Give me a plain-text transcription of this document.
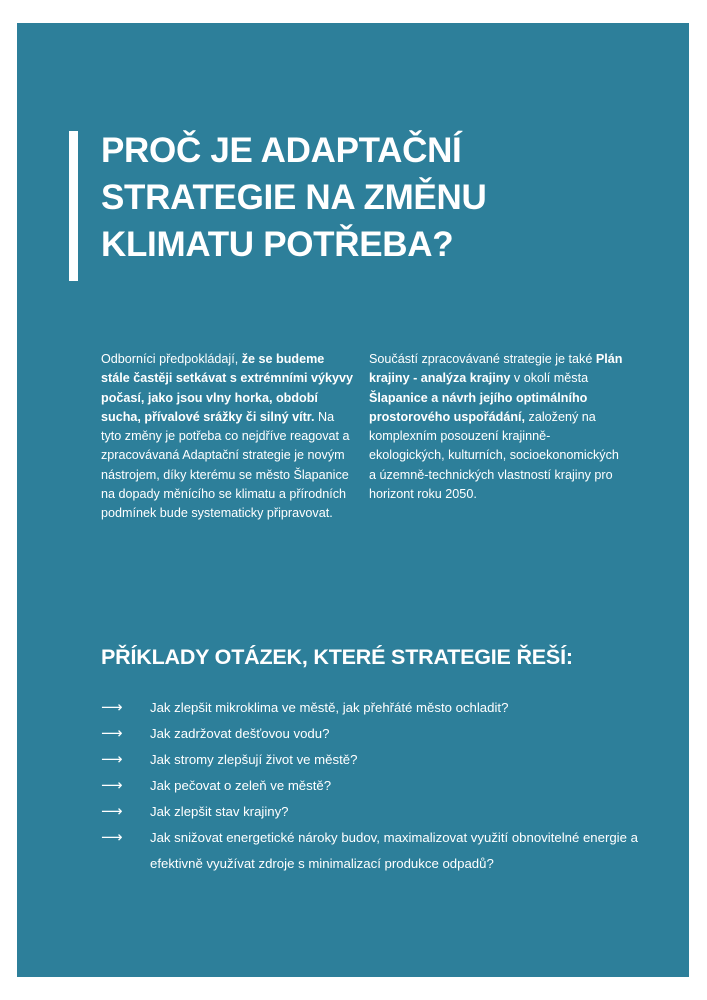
PROČ JE ADAPTAČNÍ
STRATEGIE NA ZMĚNU
KLIMATU POTŘEBA?
Odborníci předpokládají, že se budeme stále častěji setkávat s extrémními výkyvy počasí, jako jsou vlny horka, období sucha, přívalové srážky či silný vítr. Na tyto změny je potřeba co nejdříve reagovat a zpracovávaná Adaptační strategie je novým nástrojem, díky kterému se město Šlapanice na dopady měnícího se klimatu a přírodních podmínek bude systematicky připravovat.
Součástí zpracovávané strategie je také Plán krajiny - analýza krajiny v okolí města Šlapanice a návrh jejího optimálního prostorového uspořádání, založený na komplexním posouzení krajinně-ekologických, kulturních, socioekonomických a územně-technických vlastností krajiny pro horizont roku 2050.
PŘÍKLADY OTÁZEK, KTERÉ STRATEGIE ŘEŠÍ:
⟶ Jak zlepšit mikroklima ve městě, jak přehřáté město ochladit?
⟶ Jak zadržovat dešťovou vodu?
⟶ Jak stromy zlepšují život ve městě?
⟶ Jak pečovat o zeleň ve městě?
⟶ Jak zlepšit stav krajiny?
⟶ Jak snižovat energetické nároky budov, maximalizovat využití obnovitelné energie a efektivně využívat zdroje s minimalizací produkce odpadů?
